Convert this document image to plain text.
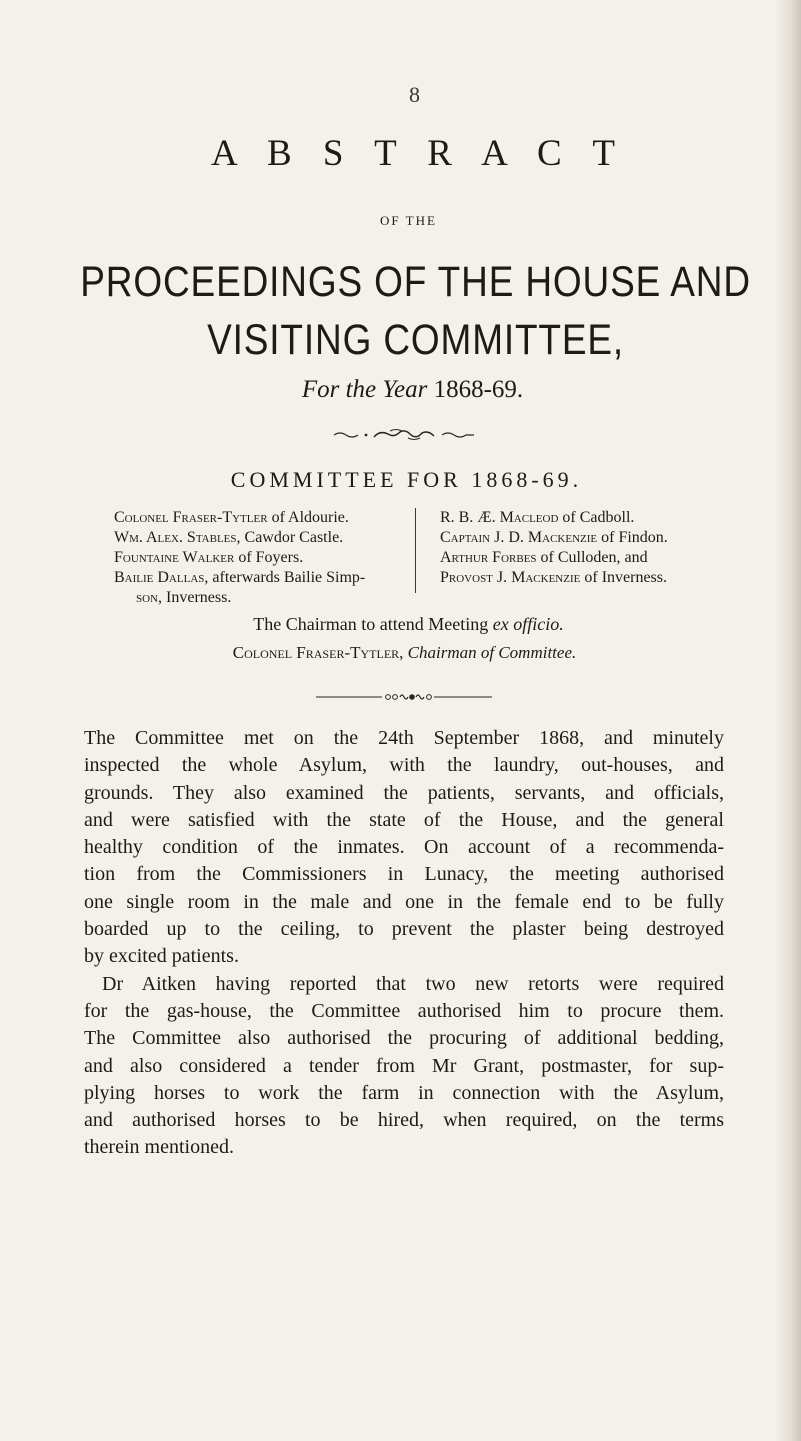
8
A B S T R A C T
OF THE
PROCEEDINGS OF THE HOUSE AND
VISITING COMMITTEE,
For the Year 1868-69.
COMMITTEE FOR 1868-69.
Colonel Fraser-Tytler of Aldourie.
Wm. Alex. Stables, Cawdor Castle.
Fountaine Walker of Foyers.
Bailie Dallas, afterwards Bailie Simp-
son, Inverness.
R. B. Æ. Macleod of Cadboll.
Captain J. D. Mackenzie of Findon.
Arthur Forbes of Culloden, and
Provost J. Mackenzie of Inverness.
The Chairman to attend Meeting ex officio.
Colonel Fraser-Tytler, Chairman of Committee.

The Committee met on the 24th September 1868, and minutely
inspected the whole Asylum, with the laundry, out-houses, and
grounds. They also examined the patients, servants, and officials,
and were satisfied with the state of the House, and the general
healthy condition of the inmates. On account of a recommenda-
tion from the Commissioners in Lunacy, the meeting authorised
one single room in the male and one in the female end to be fully
boarded up to the ceiling, to prevent the plaster being destroyed
by excited patients.

Dr Aitken having reported that two new retorts were required
for the gas-house, the Committee authorised him to procure them.
The Committee also authorised the procuring of additional bedding,
and also considered a tender from Mr Grant, postmaster, for sup-
plying horses to work the farm in connection with the Asylum,
and authorised horses to be hired, when required, on the terms
therein mentioned.
